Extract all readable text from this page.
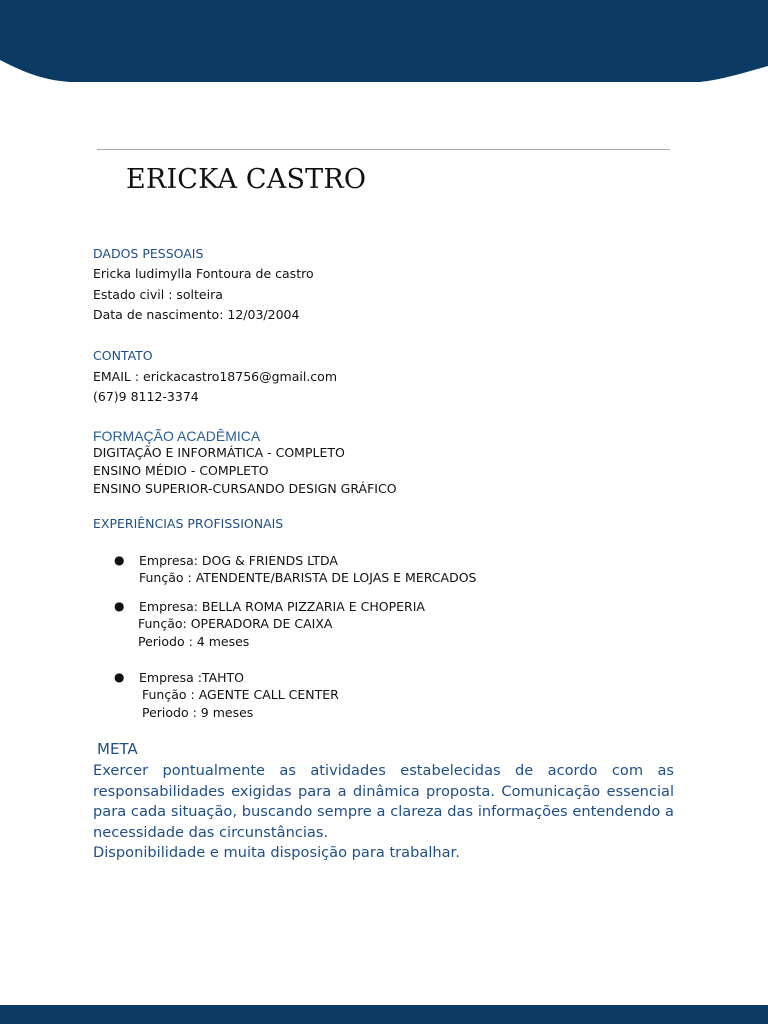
ERICKA CASTRO
DADOS PESSOAIS
Ericka ludimylla Fontoura de castro
Estado civil : solteira
Data de nascimento: 12/03/2004
CONTATO
EMAIL : erickacastro18756@gmail.com
(67)9 8112-3374
FORMAÇÃO ACADÊMICA
DIGITAÇÃO E INFORMÁTICA - COMPLETO
ENSINO MÉDIO - COMPLETO
ENSINO SUPERIOR-CURSANDO DESIGN GRÁFICO
EXPERIÊNCIAS PROFISSIONAIS
● Empresa: DOG & FRIENDS LTDA
Função : ATENDENTE/BARISTA DE LOJAS E MERCADOS
● Empresa: BELLA ROMA PIZZARIA E CHOPERIA
Função: OPERADORA DE CAIXA
Periodo : 4 meses
● Empresa :TAHTO
Função : AGENTE CALL CENTER
Periodo : 9 meses
META

Exercer pontualmente as atividades estabelecidas de acordo com as
responsabilidades exigidas para a dinâmica proposta. Comunicação essencial
para cada situação, buscando sempre a clareza das informações entendendo a
necessidade das circunstâncias.

Disponibilidade e muita disposição para trabalhar.
